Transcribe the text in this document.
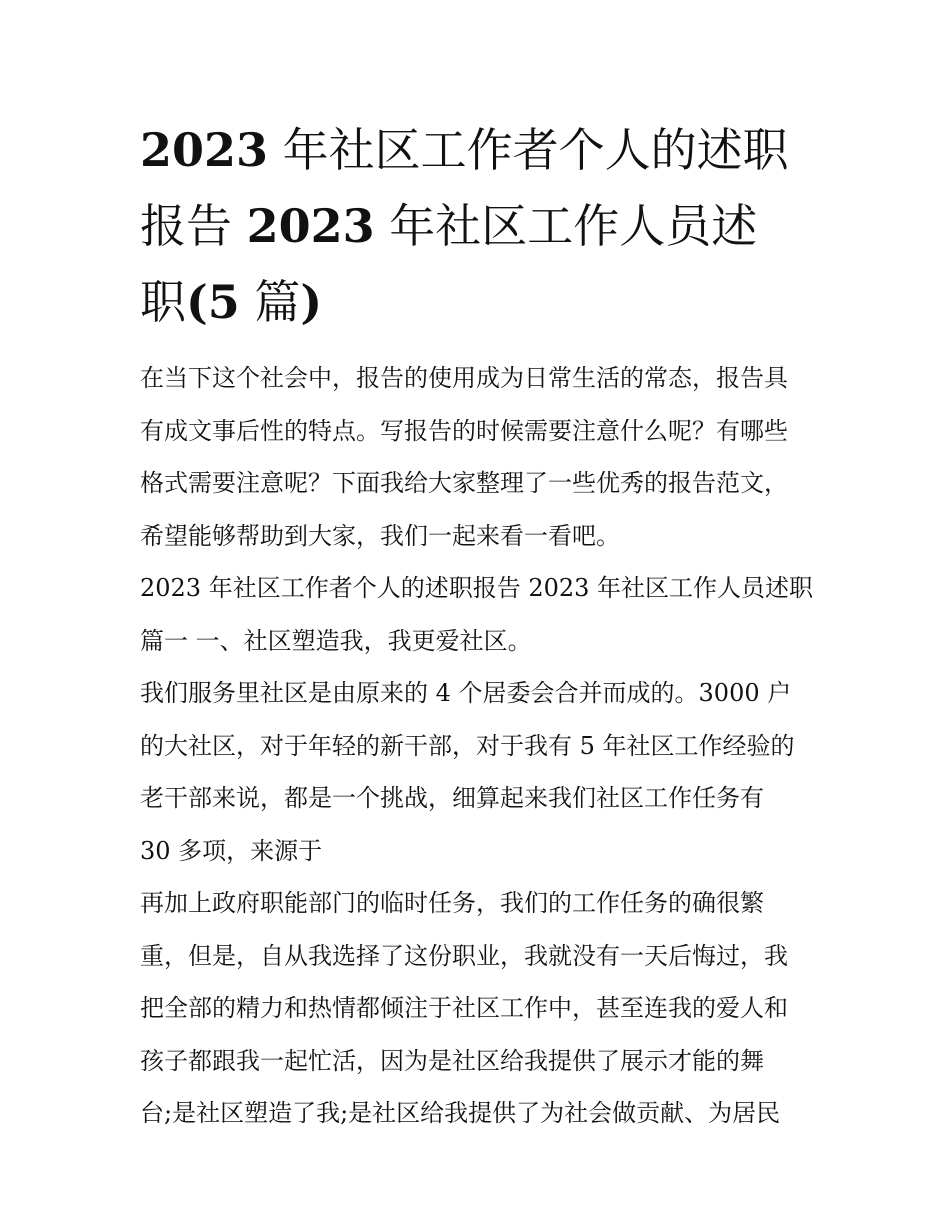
2023 年社区工作者个人的述职
报告 2023 年社区工作人员述
职(5 篇)
在当下这个社会中，报告的使用成为日常生活的常态，报告具
有成文事后性的特点。写报告的时候需要注意什么呢？有哪些
格式需要注意呢？下面我给大家整理了一些优秀的报告范文，
希望能够帮助到大家，我们一起来看一看吧。
2023 年社区工作者个人的述职报告 2023 年社区工作人员述职
篇一 一、社区塑造我，我更爱社区。
我们服务里社区是由原来的 4 个居委会合并而成的。3000 户
的大社区，对于年轻的新干部，对于我有 5 年社区工作经验的
老干部来说，都是一个挑战，细算起来我们社区工作任务有
30 多项，来源于
再加上政府职能部门的临时任务，我们的工作任务的确很繁
重，但是，自从我选择了这份职业，我就没有一天后悔过，我
把全部的精力和热情都倾注于社区工作中，甚至连我的爱人和
孩子都跟我一起忙活，因为是社区给我提供了展示才能的舞
台;是社区塑造了我;是社区给我提供了为社会做贡献、为居民
